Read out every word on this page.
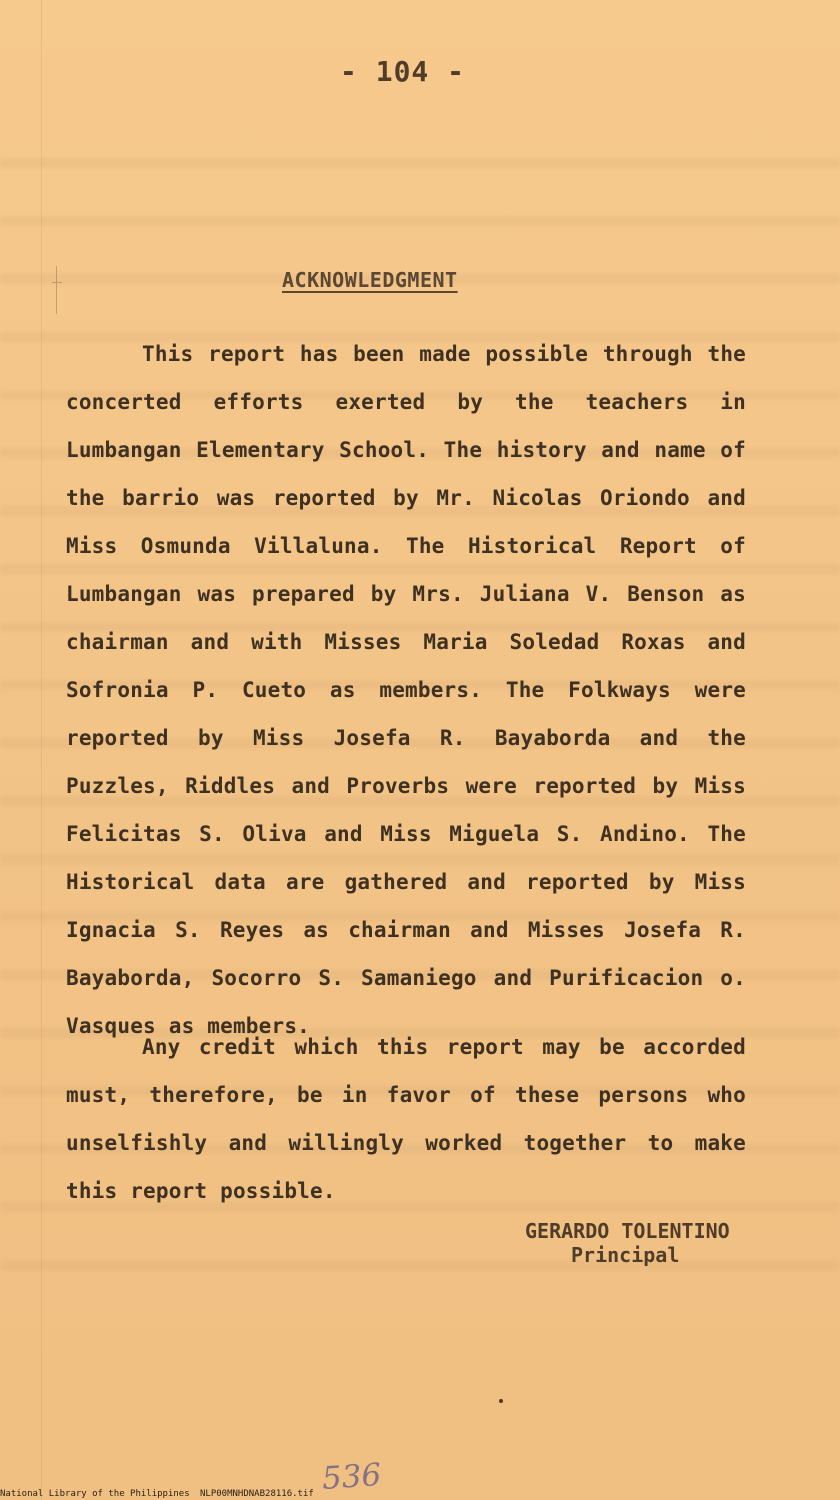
- 104 -
ACKNOWLEDGMENT
This report has been made possible through the concerted efforts exerted by the teachers in Lumbangan Elementary School. The history and name of the barrio was reported by Mr. Nicolas Oriondo and Miss Osmunda Villaluna. The Historical Report of Lumbangan was prepared by Mrs. Juliana V. Benson as chairman and with Misses Maria Soledad Roxas and Sofronia P. Cueto as members. The Folkways were reported by Miss Josefa R. Bayaborda and the Puzzles, Riddles and Proverbs were reported by Miss Felicitas S. Oliva and Miss Miguela S. Andino. The Historical data are gathered and reported by Miss Ignacia S. Reyes as chairman and Misses Josefa R. Bayaborda, Socorro S. Samaniego and Purificacion o. Vasques as members.
Any credit which this report may be accorded must, therefore, be in favor of these persons who unselfishly and willingly worked together to make this report possible.
GERARDO TOLENTINO
Principal
536
National Library of the Philippines NLP00MNHDNAB28116.tif
